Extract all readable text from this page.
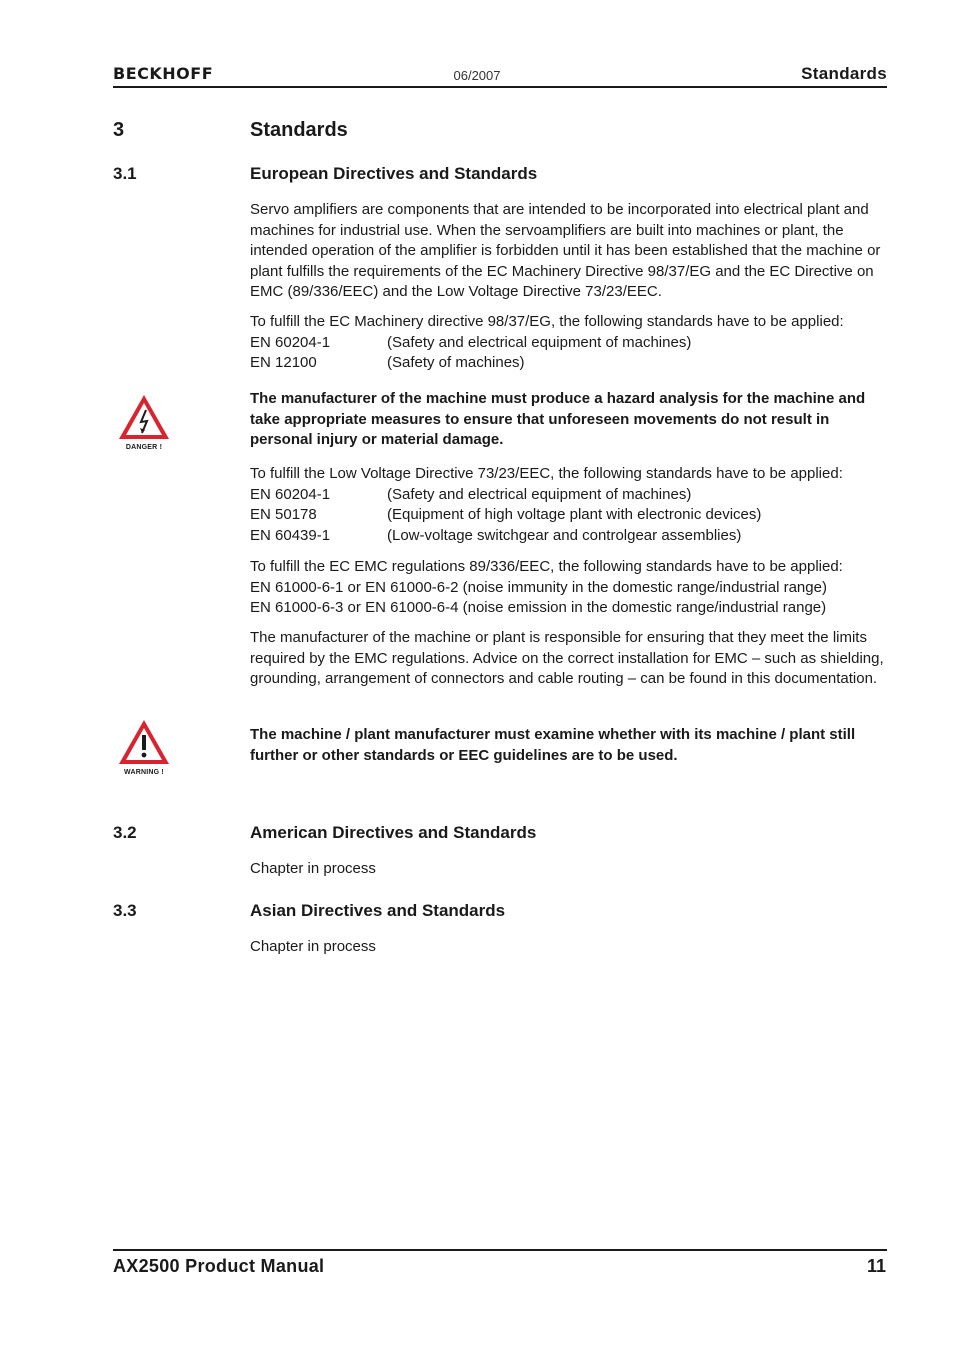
BECKHOFF	06/2007	Standards
3	Standards
3.1	European Directives and Standards
Servo amplifiers are components that are intended to be incorporated into electrical plant and machines for industrial use. When the servoamplifiers are built into machines or plant, the intended operation of the amplifier is forbidden until it has been established that the machine or plant fulfills the requirements of the EC Machinery Directive 98/37/EG and the EC Directive on EMC (89/336/EEC) and the Low Voltage Directive 73/23/EEC.
To fulfill the EC Machinery directive 98/37/EG, the following standards have to be applied:
EN 60204-1	(Safety and electrical equipment of machines)
EN 12100	(Safety of machines)
DANGER !
The manufacturer of the machine must produce a hazard analysis for the machine and take appropriate measures to ensure that unforeseen movements do not result in personal injury or material damage.
To fulfill the Low Voltage Directive 73/23/EEC, the following standards have to be applied:
EN 60204-1	(Safety and electrical equipment of machines)
EN 50178	(Equipment of high voltage plant with electronic devices)
EN 60439-1	(Low-voltage switchgear and controlgear assemblies)
To fulfill the EC EMC regulations 89/336/EEC, the following standards have to be applied:
EN 61000-6-1 or EN 61000-6-2 (noise immunity in the domestic range/industrial range)
EN 61000-6-3 or EN 61000-6-4 (noise emission in the domestic range/industrial range)
The manufacturer of the machine or plant is responsible for ensuring that they meet the limits required by the EMC regulations. Advice on the correct installation for EMC – such as shielding, grounding, arrangement of connectors and cable routing – can be found in this documentation.
WARNING !
The machine / plant manufacturer must examine whether with its machine / plant still further or other standards or EEC guidelines are to be used.
3.2	American Directives and Standards
Chapter in process
3.3	Asian Directives and Standards
Chapter in process
AX2500 Product Manual	11
